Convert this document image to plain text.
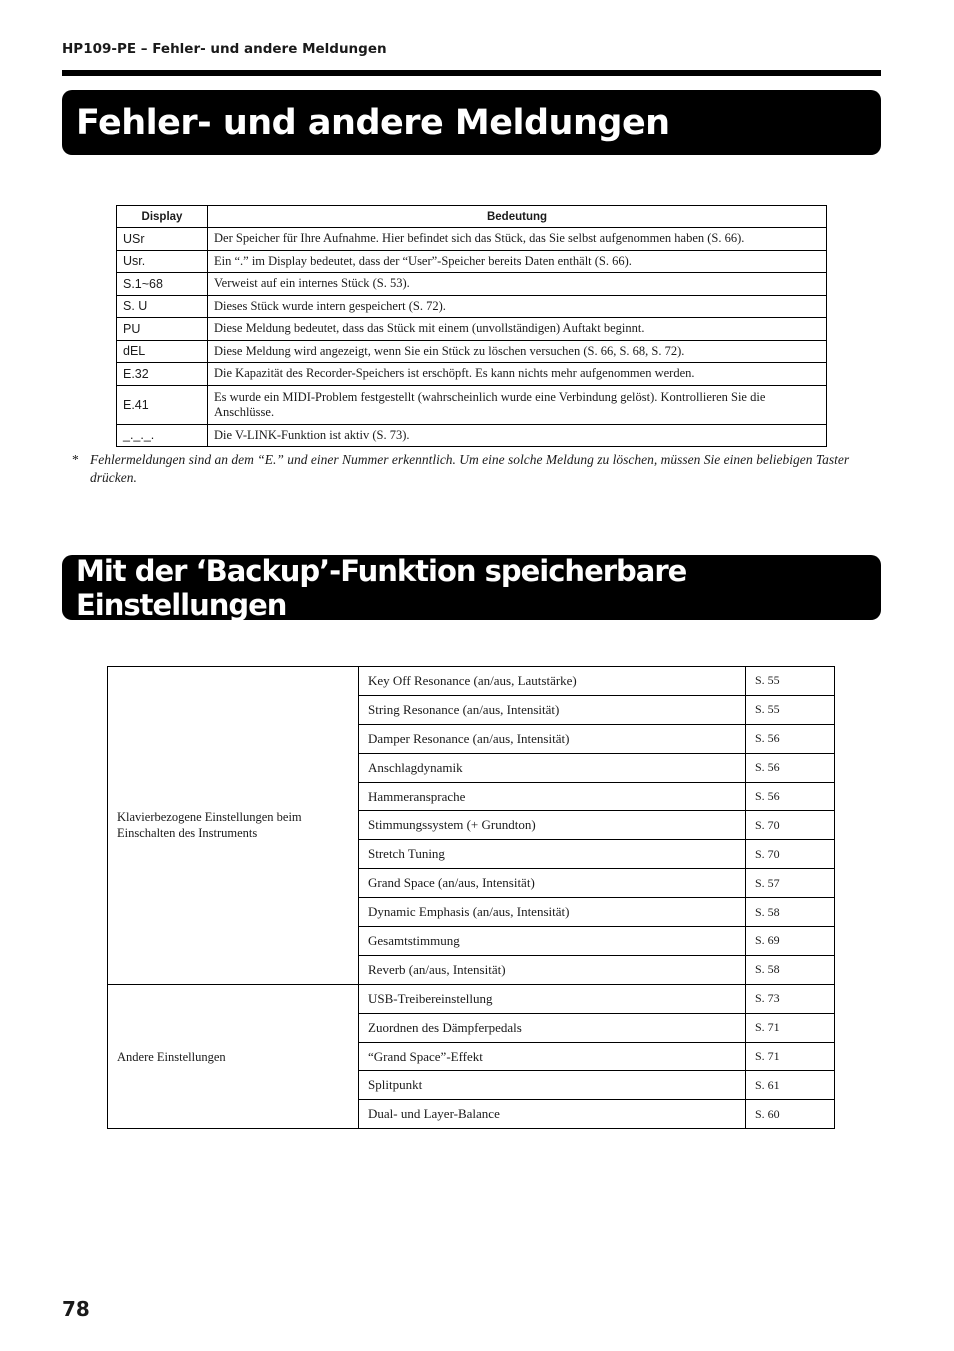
HP109-PE – Fehler- und andere Meldungen
Fehler- und andere Meldungen
Display	Bedeutung
USr	Der Speicher für Ihre Aufnahme. Hier befindet sich das Stück, das Sie selbst aufgenommen haben (S. 66).
Usr.	Ein “.” im Display bedeutet, dass der “User”-Speicher bereits Daten enthält (S. 66).
S.1~68	Verweist auf ein internes Stück (S. 53).
S. U	Dieses Stück wurde intern gespeichert (S. 72).
PU	Diese Meldung bedeutet, dass das Stück mit einem (unvollständigen) Auftakt beginnt.
dEL	Diese Meldung wird angezeigt, wenn Sie ein Stück zu löschen versuchen (S. 66, S. 68, S. 72).
E.32	Die Kapazität des Recorder-Speichers ist erschöpft. Es kann nichts mehr aufgenommen werden.
E.41	Es wurde ein MIDI-Problem festgestellt (wahrscheinlich wurde eine Verbindung gelöst). Kontrollieren Sie die Anschlüsse.
_._._.	Die V-LINK-Funktion ist aktiv (S. 73).
* Fehlermeldungen sind an dem “E.” und einer Nummer erkenntlich. Um eine solche Meldung zu löschen, müssen Sie einen beliebigen Taster drücken.
Mit der ‘Backup’-Funktion speicherbare Einstellungen
Klavierbezogene Einstellungen beim Einschalten des Instruments	Key Off Resonance (an/aus, Lautstärke)	S. 55
	String Resonance (an/aus, Intensität)	S. 55
	Damper Resonance (an/aus, Intensität)	S. 56
	Anschlagdynamik	S. 56
	Hammeransprache	S. 56
	Stimmungssystem (+ Grundton)	S. 70
	Stretch Tuning	S. 70
	Grand Space (an/aus, Intensität)	S. 57
	Dynamic Emphasis (an/aus, Intensität)	S. 58
	Gesamtstimmung	S. 69
	Reverb (an/aus, Intensität)	S. 58
Andere Einstellungen	USB-Treibereinstellung	S. 73
	Zuordnen des Dämpferpedals	S. 71
	“Grand Space”-Effekt	S. 71
	Splitpunkt	S. 61
	Dual- und Layer-Balance	S. 60
78
